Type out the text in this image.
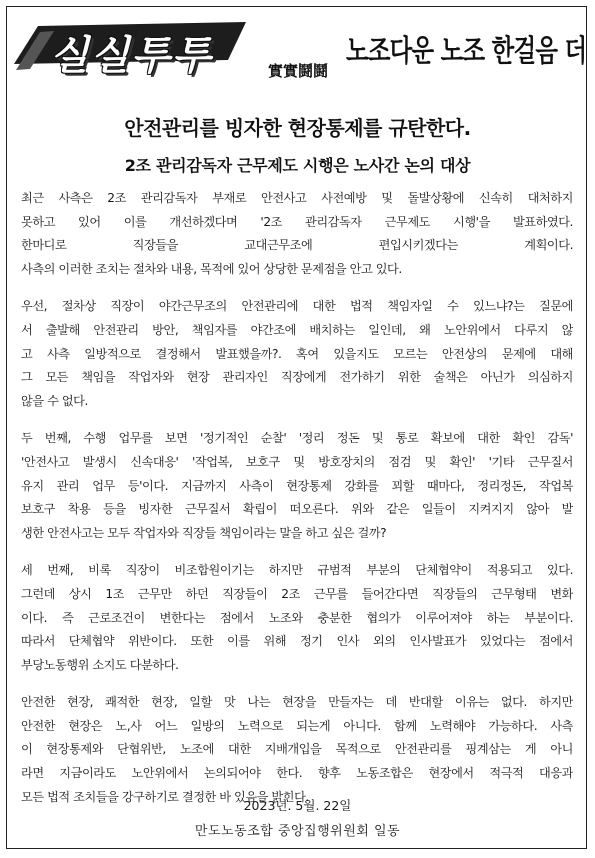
실실투투	實實鬪鬪
노조다운 노조 한걸음 더
안전관리를 빙자한 현장통제를 규탄한다.
2조 관리감독자 근무제도 시행은 노사간 논의 대상
최근 사측은 2조 관리감독자 부재로 안전사고 사전예방 및 돌발상황에 신속히 대처하지
못하고 있어 이를 개선하겠다며 '2조 관리감독자 근무제도 시행'을 발표하였다.
한마디로 직장들을 교대근무조에 편입시키겠다는 계획이다.
사측의 이러한 조치는 절차와 내용, 목적에 있어 상당한 문제점을 안고 있다.
우선, 절차상 직장이 야간근무조의 안전관리에 대한 법적 책임자일 수 있느냐?는 질문에
서 출발해 안전관리 방안, 책임자를 야간조에 배치하는 일인데, 왜 노안위에서 다루지 않
고 사측 일방적으로 결정해서 발표했을까?. 혹여 있을지도 모르는 안전상의 문제에 대해
그 모든 책임을 작업자와 현장 관리자인 직장에게 전가하기 위한 술책은 아닌가 의심하지
않을 수 없다.
두 번째, 수행 업무를 보면 '정기적인 순찰' '정리 정돈 및 통로 확보에 대한 확인 감독'
'안전사고 발생시 신속대응' '작업복, 보호구 및 방호장치의 점검 및 확인' '기타 근무질서
유지 관리 업무 등'이다. 지금까지 사측이 현장통제 강화를 꾀할 때마다, 정리정돈, 작업복
보호구 착용 등을 빙자한 근무질서 확립이 떠오른다. 위와 같은 일들이 지켜지지 않아 발
생한 안전사고는 모두 작업자와 직장들 책임이라는 말을 하고 싶은 걸까?
세 번째, 비록 직장이 비조합원이기는 하지만 규범적 부분의 단체협약이 적용되고 있다.
그런데 상시 1조 근무만 하던 직장들이 2조 근무를 들어간다면 직장들의 근무형태 변화
이다. 즉 근로조건이 변한다는 점에서 노조와 충분한 협의가 이루어져야 하는 부분이다.
따라서 단체협약 위반이다. 또한 이를 위해 정기 인사 외의 인사발표가 있었다는 점에서
부당노동행위 소지도 다분하다.
안전한 현장, 쾌적한 현장, 일할 맛 나는 현장을 만들자는 데 반대할 이유는 없다. 하지만
안전한 현장은 노,사 어느 일방의 노력으로 되는게 아니다. 함께 노력해야 가능하다. 사측
이 현장통제와 단협위반, 노조에 대한 지배개입을 목적으로 안전관리를 핑계삼는 게 아니
라면 지금이라도 노안위에서 논의되어야 한다. 향후 노동조합은 현장에서 적극적 대응과
모든 법적 조치들을 강구하기로 결정한 바 있음을 밝힌다.
2023년. 5월. 22일
만도노동조합 중앙집행위원회 일동
